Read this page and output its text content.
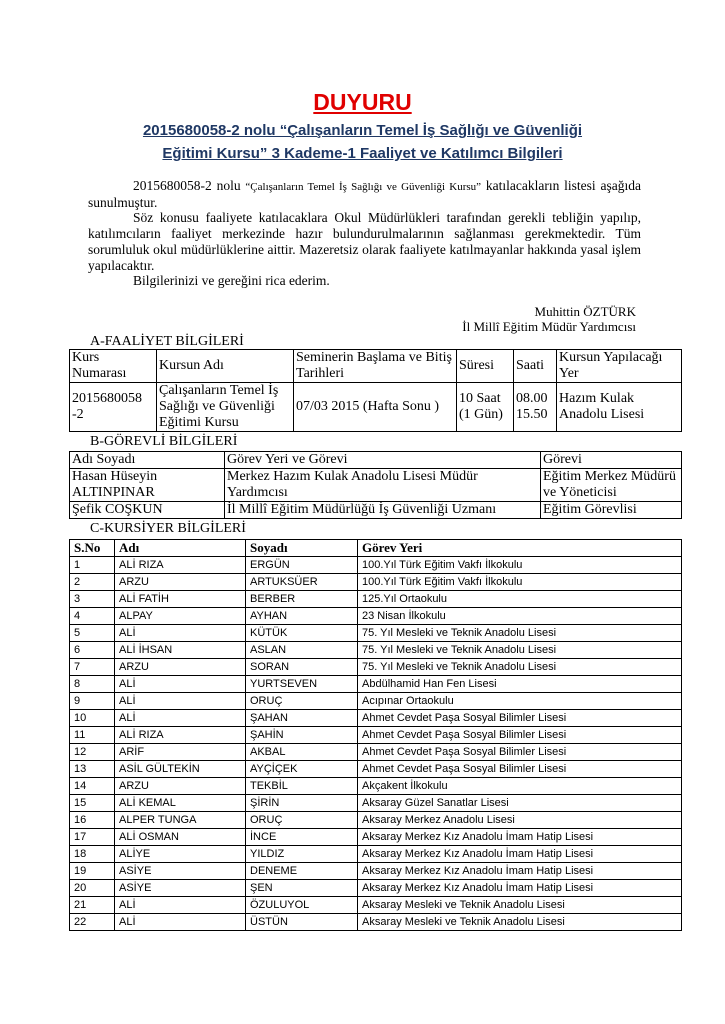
DUYURU
2015680058-2 nolu “Çalışanların Temel İş Sağlığı ve Güvenliği
Eğitimi Kursu” 3 Kademe-1 Faaliyet ve Katılımcı Bilgileri
2015680058-2 nolu “Çalışanların Temel İş Sağlığı ve Güvenliği Kursu” katılacakların listesi aşağıda sunulmuştur.
Söz konusu faaliyete katılacaklara Okul Müdürlükleri tarafından gerekli tebliğin yapılıp, katılımcıların faaliyet merkezinde hazır bulundurulmalarının sağlanması gerekmektedir. Tüm sorumluluk okul müdürlüklerine aittir. Mazeretsiz olarak faaliyete katılmayanlar hakkında yasal işlem yapılacaktır.
Bilgilerinizi ve gereğini rica ederim.
Muhittin ÖZTÜRK
İl Millî Eğitim Müdür Yardımcısı
A-FAALİYET BİLGİLERİ
Kurs Numarası	Kursun Adı	Seminerin Başlama ve Bitiş Tarihleri	Süresi	Saati	Kursun Yapılacağı Yer
2015680058 -2	Çalışanların Temel İş Sağlığı ve Güvenliği Eğitimi Kursu	07/03 2015 (Hafta Sonu )	10 Saat (1 Gün)	08.00 15.50	Hazım Kulak Anadolu Lisesi
B-GÖREVLİ BİLGİLERİ
Adı Soyadı	Görev Yeri ve Görevi	Görevi
Hasan Hüseyin ALTINPINAR	Merkez Hazım Kulak Anadolu Lisesi Müdür Yardımcısı	Eğitim Merkez Müdürü ve Yöneticisi
Şefik COŞKUN	İl Millî Eğitim Müdürlüğü İş Güvenliği Uzmanı	Eğitim Görevlisi
C-KURSİYER BİLGİLERİ
S.No	Adı	Soyadı	Görev Yeri
1	ALİ RIZA	ERGÜN	100.Yıl Türk Eğitim Vakfı İlkokulu
2	ARZU	ARTUKSÜER	100.Yıl Türk Eğitim Vakfı İlkokulu
3	ALİ FATİH	BERBER	125.Yıl Ortaokulu
4	ALPAY	AYHAN	23 Nisan İlkokulu
5	ALİ	KÜTÜK	75. Yıl Mesleki ve Teknik Anadolu Lisesi
6	ALİ İHSAN	ASLAN	75. Yıl Mesleki ve Teknik Anadolu Lisesi
7	ARZU	SORAN	75. Yıl Mesleki ve Teknik Anadolu Lisesi
8	ALİ	YURTSEVEN	Abdülhamid Han Fen Lisesi
9	ALİ	ORUÇ	Acıpınar Ortaokulu
10	ALİ	ŞAHAN	Ahmet Cevdet Paşa Sosyal Bilimler Lisesi
11	ALİ RIZA	ŞAHİN	Ahmet Cevdet Paşa Sosyal Bilimler Lisesi
12	ARİF	AKBAL	Ahmet Cevdet Paşa Sosyal Bilimler Lisesi
13	ASİL GÜLTEKİN	AYÇİÇEK	Ahmet Cevdet Paşa Sosyal Bilimler Lisesi
14	ARZU	TEKBİL	Akçakent İlkokulu
15	ALİ KEMAL	ŞİRİN	Aksaray Güzel Sanatlar Lisesi
16	ALPER TUNGA	ORUÇ	Aksaray Merkez Anadolu Lisesi
17	ALİ OSMAN	İNCE	Aksaray Merkez Kız Anadolu İmam Hatip Lisesi
18	ALİYE	YILDIZ	Aksaray Merkez Kız Anadolu İmam Hatip Lisesi
19	ASİYE	DENEME	Aksaray Merkez Kız Anadolu İmam Hatip Lisesi
20	ASİYE	ŞEN	Aksaray Merkez Kız Anadolu İmam Hatip Lisesi
21	ALİ	ÖZULUYOL	Aksaray Mesleki ve Teknik Anadolu Lisesi
22	ALİ	ÜSTÜN	Aksaray Mesleki ve Teknik Anadolu Lisesi
